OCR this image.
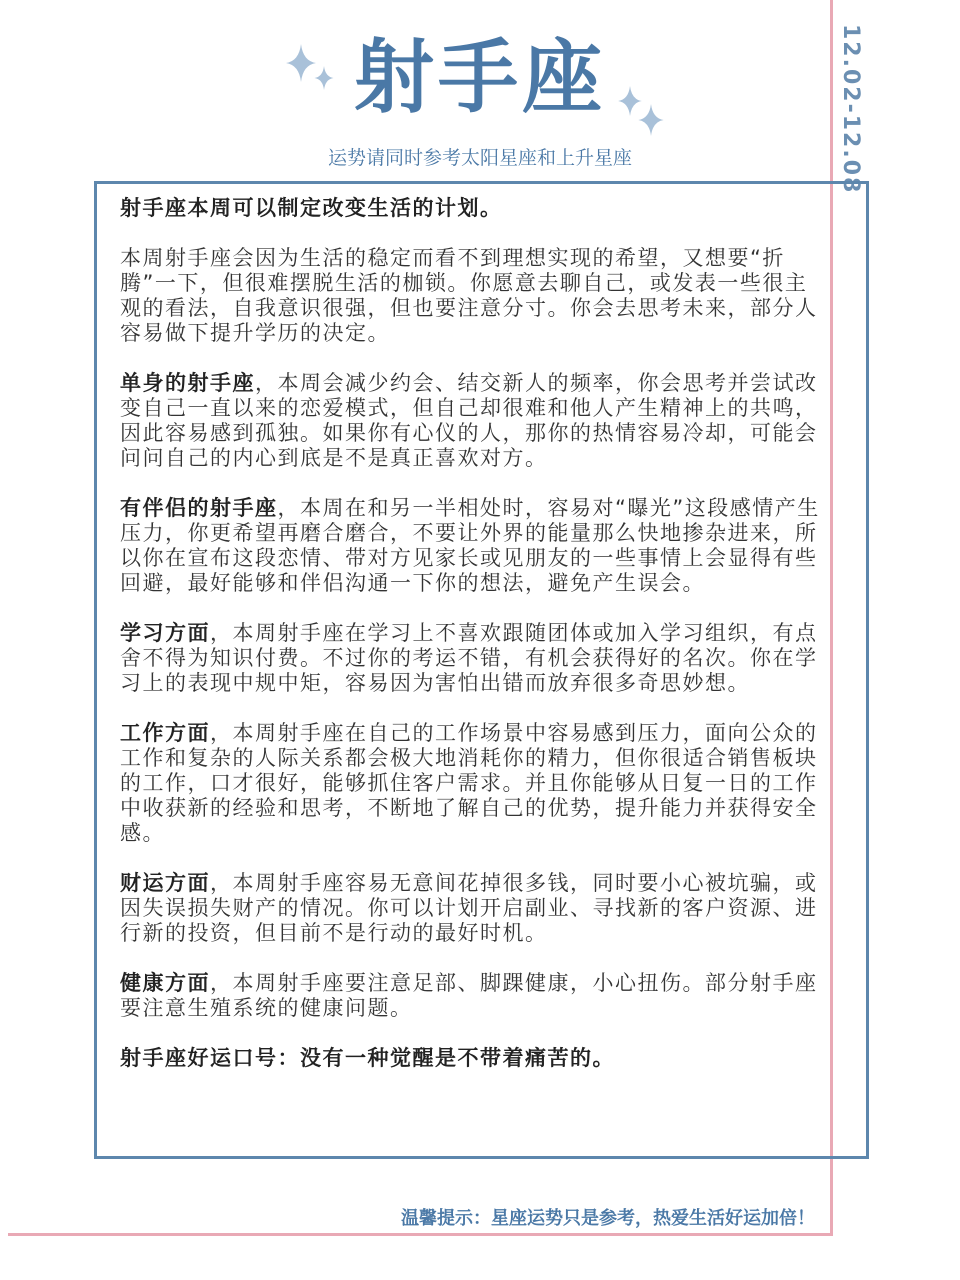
射手座
运势请同时参考太阳星座和上升星座	12.02-12.08

射手座本周可以制定改变生活的计划。

本周射手座会因为生活的稳定而看不到理想实现的希望，又想要“折腾”一下，但很难摆脱生活的枷锁。你愿意去聊自己，或发表一些很主观的看法，自我意识很强，但也要注意分寸。你会去思考未来，部分人容易做下提升学历的决定。

单身的射手座，本周会减少约会、结交新人的频率，你会思考并尝试改变自己一直以来的恋爱模式，但自己却很难和他人产生精神上的共鸣，因此容易感到孤独。如果你有心仪的人，那你的热情容易冷却，可能会问问自己的内心到底是不是真正喜欢对方。

有伴侣的射手座，本周在和另一半相处时，容易对“曝光”这段感情产生压力，你更希望再磨合磨合，不要让外界的能量那么快地掺杂进来，所以你在宣布这段恋情、带对方见家长或见朋友的一些事情上会显得有些回避，最好能够和伴侣沟通一下你的想法，避免产生误会。

学习方面，本周射手座在学习上不喜欢跟随团体或加入学习组织，有点舍不得为知识付费。不过你的考运不错，有机会获得好的名次。你在学习上的表现中规中矩，容易因为害怕出错而放弃很多奇思妙想。

工作方面，本周射手座在自己的工作场景中容易感到压力，面向公众的工作和复杂的人际关系都会极大地消耗你的精力，但你很适合销售板块的工作，口才很好，能够抓住客户需求。并且你能够从日复一日的工作中收获新的经验和思考，不断地了解自己的优势，提升能力并获得安全感。

财运方面，本周射手座容易无意间花掉很多钱，同时要小心被坑骗，或因失误损失财产的情况。你可以计划开启副业、寻找新的客户资源、进行新的投资，但目前不是行动的最好时机。

健康方面，本周射手座要注意足部、脚踝健康，小心扭伤。部分射手座要注意生殖系统的健康问题。

射手座好运口号：没有一种觉醒是不带着痛苦的。

温馨提示：星座运势只是参考，热爱生活好运加倍！
